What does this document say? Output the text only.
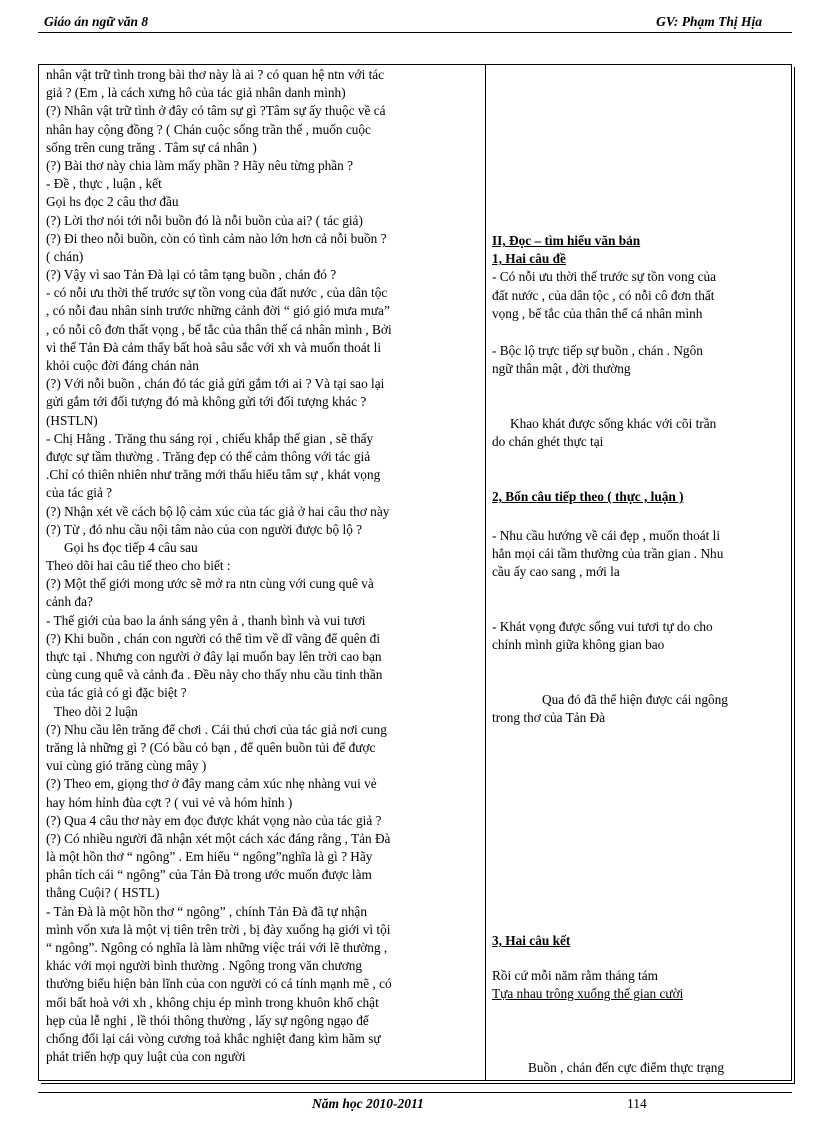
Giáo án ngữ văn 8	GV: Phạm Thị Hịa
nhân vật trữ tình trong bài thơ này là ai ? có quan hệ ntn với tác
giả ? (Em , là cách xưng hô của tác giả nhân danh mình)
(?) Nhân vật trữ tình ở đây có tâm sự gì ?Tâm sự ấy thuộc về cá
nhân hay cộng đồng ? ( Chán cuộc sống trần thế , muốn cuộc
sống trên cung trăng . Tâm sự cá nhân )
(?) Bài thơ này chia làm mấy phần ? Hãy nêu từng phần ?
- Đề , thực , luận , kết
Gọi hs đọc 2 câu thơ đầu
(?) Lời thơ nói tới nỗi buồn đó là nỗi buồn của ai? ( tác giả)
(?) Đi theo nỗi buồn, còn có tình cảm nào lớn hơn cả nỗi buồn ?
( chán)
(?) Vậy vì sao Tản Đà lại có tâm tạng buồn , chán đó ?
- có nỗi ưu thời thế trước sự tồn vong của đất nước , của dân tộc
, có nỗi đau nhân sinh trước những cảnh đời “ gió gió mưa mưa”
, có nỗi cô đơn thất vọng , bế tắc của thân thế cá nhân mình , Bởi
vì thế Tản Đà cảm thấy bất hoà sâu sắc với xh và muốn thoát li
khỏi cuộc đời đáng chán nản
(?) Với nỗi buồn , chán đó tác giả gửi gắm tới ai ? Và tại sao lại
gửi gắm tới đối tượng đó mà không gửi tới đối tượng khác ?
(HSTLN)
- Chị Hằng . Trăng thu sáng rọi , chiếu khắp thế gian , sẽ thấy
được sự tầm thường . Trăng đẹp có thể cảm thông với tác giả
.Chỉ có thiên nhiên như trăng mới thấu hiểu tâm sự , khát vọng
của tác giả ?
(?) Nhận xét về cách bộ lộ cảm xúc của tác giả ở hai câu thơ này
(?) Từ , đó nhu cầu nội tâm nào của con người được bộ lộ ?
Gọi hs đọc tiếp 4 câu sau
Theo dõi hai câu tiế theo cho biết :
(?) Một thế giới mong ước sẽ mở ra ntn cùng với cung quê và
cảnh đa?
- Thế giới của bao la ánh sáng yên ả , thanh bình và vui tươi
(?) Khi buồn , chán con người có thể tìm về dĩ vãng để quên đi
thực tại . Nhưng con người ở đây lại muốn bay lên trời cao bạn
cùng cung quê và cảnh đa . Đều này cho thấy nhu cầu tinh thần
của tác giả có gì đặc biệt ?
Theo dõi 2 luận
(?) Nhu cầu lên trăng để chơi . Cái thú chơi của tác giả nơi cung
trăng là những gì ? (Có bầu có bạn , để quên buồn tủi để được
vui cùng gió trăng cùng mây )
(?) Theo em, giọng thơ ở đây mang cảm xúc nhẹ nhàng vui vẻ
hay hóm hỉnh đùa cợt ? ( vui vẻ và hóm hỉnh )
(?) Qua 4 câu thơ này em đọc được khát vọng nào của tác giả ?
(?) Có nhiều người đã nhận xét một cách xác đáng rằng , Tản Đà
là một hồn thơ “ ngông” . Em hiểu “ ngông”nghĩa là gì ? Hãy
phân tích cái “ ngông” của Tản Đà trong ước muốn được làm
thằng Cuội? ( HSTL)
- Tản Đà là một hồn thơ “ ngông” , chính Tản Đà đã tự nhận
mình vốn xưa là một vị tiên trên trời , bị đày xuống hạ giới vì tội
“ ngông”. Ngông có nghĩa là làm những việc trái với lẽ thường ,
khác với mọi người bình thường . Ngông trong văn chương
thường biểu hiện bản lĩnh của con người có cá tính mạnh mẽ , có
mối bất hoà với xh , không chịu ép mình trong khuôn khổ chật
hẹp của lễ nghi , lề thói thông thường , lấy sự ngông ngạo để
chống đối lại cái vòng cương toả khắc nghiệt đang kìm hãm sự
phát triển hợp quy luật của con người
II, Đọc – tìm hiểu văn bản
1, Hai câu đề
- Có nỗi ưu thời thế trước sự tồn vong của
đất nước , của dân tộc , có nỗi cô đơn thất
vọng , bế tắc của thân thế cá nhân mình
- Bộc lộ trực tiếp sự buồn , chán . Ngôn
ngữ thân mật , đời thường
Khao khát được sống khác với cõi trần
do chán ghét thực tại
2, Bốn câu tiếp theo ( thực , luận )
- Nhu cầu hướng về cái đẹp , muốn thoát li
hẳn mọi cái tầm thường của trần gian . Nhu
cầu ấy cao sang , mới la
- Khát vọng được sống vui tươi tự do cho
chính mình giữa không gian bao
Qua đó đã thể hiện được cái ngông
trong thơ của Tản Đà
3, Hai câu kết
Rồi cứ mỗi năm rằm tháng tám
Tựa nhau trông xuống thế gian cười
Buồn , chán đến cực điểm thực trạng
Năm học 2010-2011	114
